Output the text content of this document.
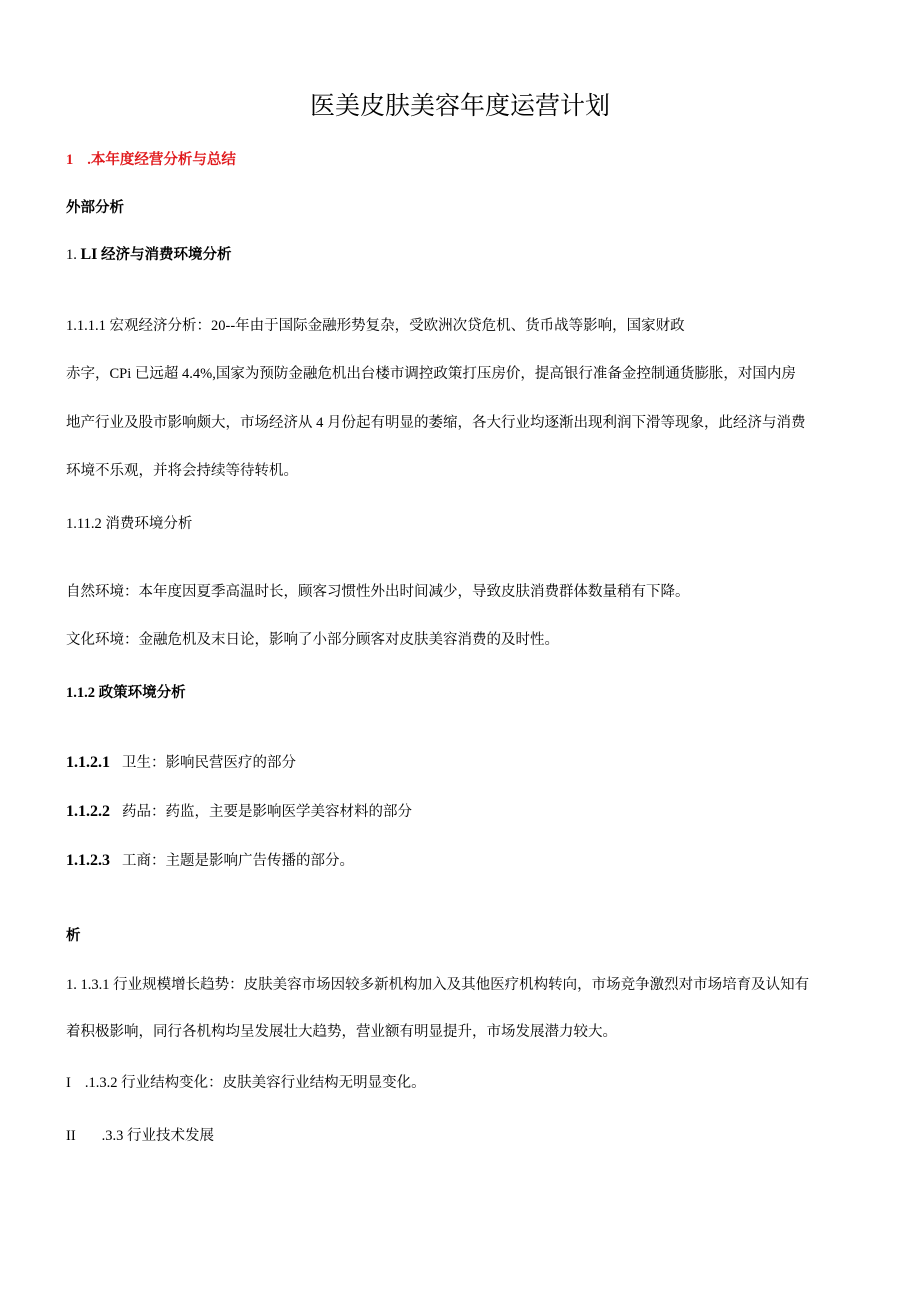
医美皮肤美容年度运营计划
1 .本年度经营分析与总结
外部分析
1. LI 经济与消费环境分析
1.1.1.1 宏观经济分析：20--年由于国际金融形势复杂，受欧洲次贷危机、货币战等影响，国家财政
赤字，CPi 已远超 4.4%,国家为预防金融危机出台楼市调控政策打压房价，提高银行准备金控制通货膨胀，对国内房
地产行业及股市影响颇大，市场经济从 4 月份起有明显的萎缩，各大行业均逐渐出现利润下滑等现象，此经济与消费
环境不乐观，并将会持续等待转机。
1.11.2 消费环境分析
自然环境：本年度因夏季高温时长，顾客习惯性外出时间减少，导致皮肤消费群体数量稍有下降。
文化环境：金融危机及末日论，影响了小部分顾客对皮肤美容消费的及时性。
1.1.2 政策环境分析
1.1.2.1 卫生：影响民营医疗的部分
1.1.2.2 药品：药监，主要是影响医学美容材料的部分
1.1.2.3 工商：主题是影响广告传播的部分。
析
1. 1.3.1 行业规模增长趋势：皮肤美容市场因较多新机构加入及其他医疗机构转向，市场竞争激烈对市场培育及认知有
着积极影响，同行各机构均呈发展壮大趋势，营业额有明显提升，市场发展潜力较大。
I .1.3.2 行业结构变化：皮肤美容行业结构无明显变化。
II .3.3 行业技术发展
